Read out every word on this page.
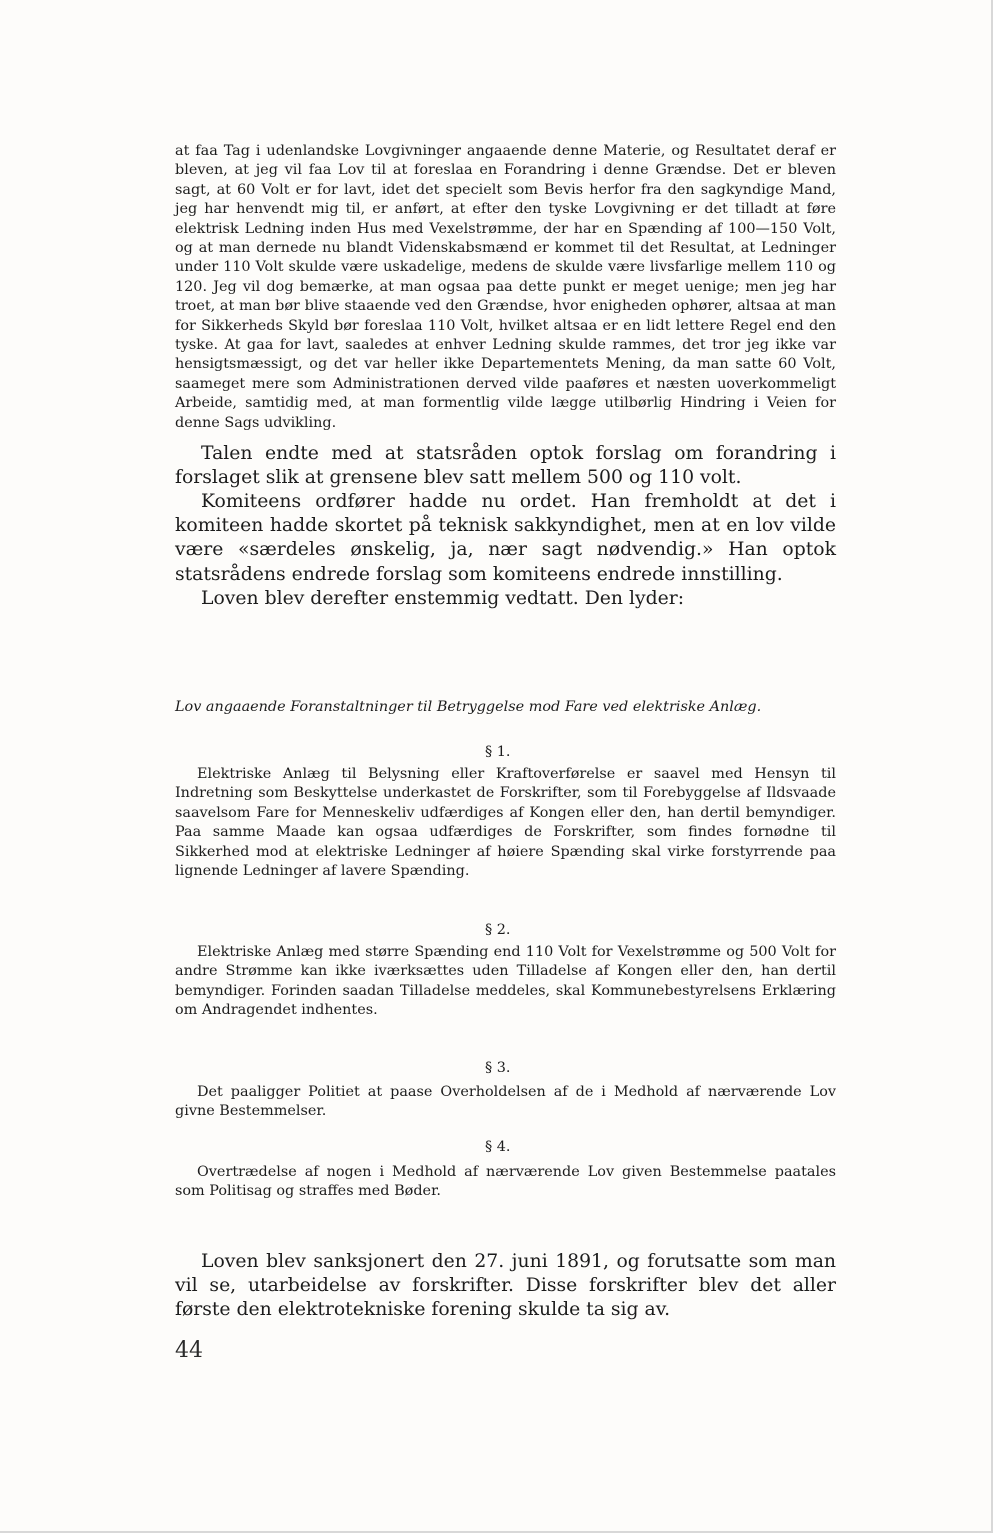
at faa Tag i udenlandske Lovgivninger angaaende denne Materie, og Resultatet deraf er bleven, at jeg vil faa Lov til at foreslaa en Forandring i denne Grændse. Det er bleven sagt, at 60 Volt er for lavt, idet det specielt som Bevis herfor fra den sagkyndige Mand, jeg har henvendt mig til, er anført, at efter den tyske Lovgivning er det tilladt at føre elektrisk Ledning inden Hus med Vexelstrømme, der har en Spænding af 100—150 Volt, og at man dernede nu blandt Videnskabsmænd er kommet til det Resultat, at Ledninger under 110 Volt skulde være uskadelige, medens de skulde være livsfarlige mellem 110 og 120. Jeg vil dog bemærke, at man ogsaa paa dette punkt er meget uenige; men jeg har troet, at man bør blive staaende ved den Grændse, hvor enigheden ophører, altsaa at man for Sikkerheds Skyld bør foreslaa 110 Volt, hvilket altsaa er en lidt lettere Regel end den tyske. At gaa for lavt, saaledes at enhver Ledning skulde rammes, det tror jeg ikke var hensigtsmæssigt, og det var heller ikke Departementets Mening, da man satte 60 Volt, saameget mere som Administrationen derved vilde paaføres et næsten uoverkommeligt Arbeide, samtidig med, at man formentlig vilde lægge utilbørlig Hindring i Veien for denne Sags udvikling.

Talen endte med at statsråden optok forslag om forandring i forslaget slik at grensene blev satt mellem 500 og 110 volt.

Komiteens ordfører hadde nu ordet. Han fremholdt at det i komiteen hadde skortet på teknisk sakkyndighet, men at en lov vilde være «særdeles ønskelig, ja, nær sagt nødvendig.» Han optok statsrådens endrede forslag som komiteens endrede innstilling.

Loven blev derefter enstemmig vedtatt. Den lyder:

Lov angaaende Foranstaltninger til Betryggelse mod Fare ved elektriske Anlæg.

§ 1.

Elektriske Anlæg til Belysning eller Kraftoverførelse er saavel med Hensyn til Indretning som Beskyttelse underkastet de Forskrifter, som til Forebyggelse af Ildsvaade saavelsom Fare for Menneskeliv udfærdiges af Kongen eller den, han dertil bemyndiger. Paa samme Maade kan ogsaa udfærdiges de Forskrifter, som findes fornødne til Sikkerhed mod at elektriske Ledninger af høiere Spænding skal virke forstyrrende paa lignende Ledninger af lavere Spænding.

§ 2.

Elektriske Anlæg med større Spænding end 110 Volt for Vexelstrømme og 500 Volt for andre Strømme kan ikke iværksættes uden Tilladelse af Kongen eller den, han dertil bemyndiger. Forinden saadan Tilladelse meddeles, skal Kommunebestyrelsens Erklæring om Andragendet indhentes.

§ 3.

Det paaligger Politiet at paase Overholdelsen af de i Medhold af nærværende Lov givne Bestemmelser.

§ 4.

Overtrædelse af nogen i Medhold af nærværende Lov given Bestemmelse paatales som Politisag og straffes med Bøder.

Loven blev sanksjonert den 27. juni 1891, og forutsatte som man vil se, utarbeidelse av forskrifter. Disse forskrifter blev det aller første den elektrotekniske forening skulde ta sig av.

44
